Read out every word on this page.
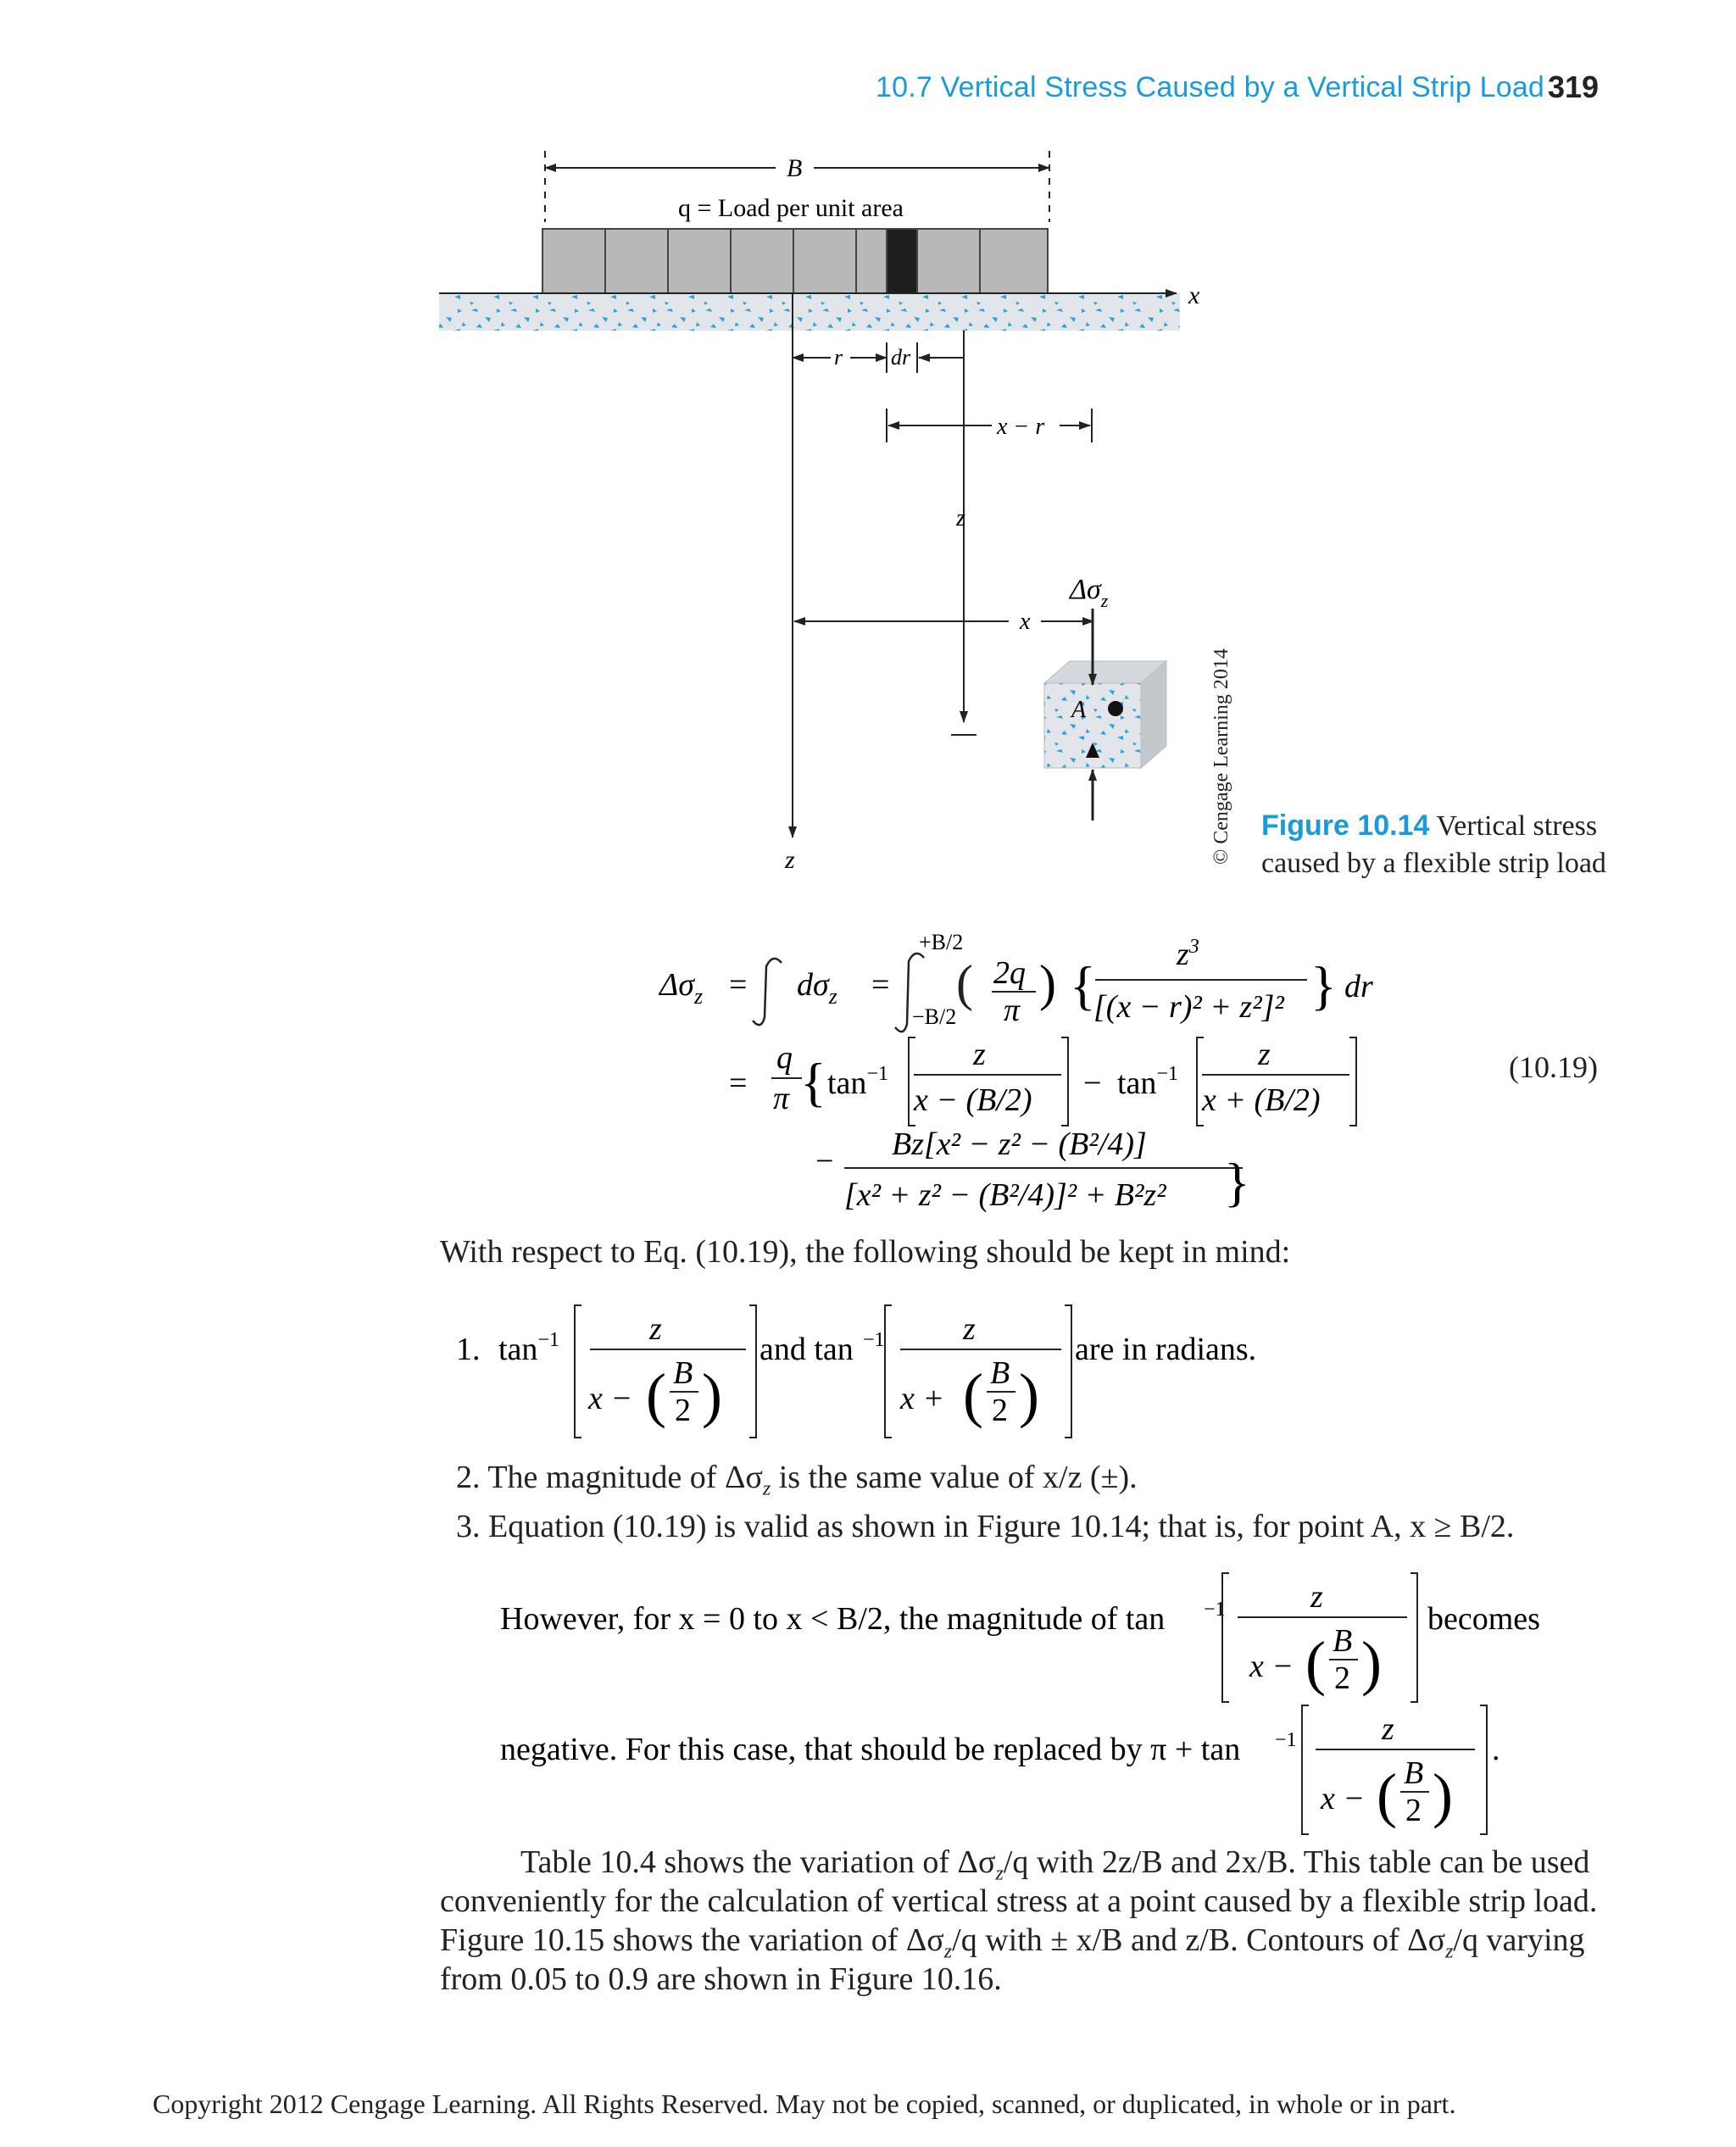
10.7 Vertical Stress Caused by a Vertical Strip Load 319
B
q = Load per unit area
x
z
r dr
z
x − r
x
$\Delta\sigma_z$
A	© Cengage Learning 2014 Figure 10.14 Vertical stress caused by a flexible strip load
$\Delta\sigma_z = d\sigma_z$ =
+B/2
−B/2
( 2q
π ) {
$z^3$
[(x − r)² + z²]² } dr
=
q
π { $\tan^{-1}$
z
$x - (B/2) - \tan^{-1}$
z
x + (B/2)
− Bz[x² − z² − (B²/4)]
[x² + z² − (B²/4)]² + B²z² }
(10.19)
With respect to Eq. (10.19), the following should be kept in mind:
1. $\tan^{-1}$	z
x − ( B
2 )
and tan −1 z
x + ( B
2 )
are in radians.
2. The magnitude of $\Delta\sigma_z$ is the same value of x/z (±).
3. Equation (10.19) is valid as shown in Figure 10.14; that is, for point A, x ≥ B/2.
However, for x = 0 to x < B/2, the magnitude of tan −1	z
x − ( B
2 )
becomes
negative. For this case, that should be replaced by π + tan −1	z
x − ( B
2 )
.
Table 10.4 shows the variation of $\Delta\sigma_z/q$ with 2z/B and 2x/B. This table can be used
conveniently for the calculation of vertical stress at a point caused by a flexible strip load.
Figure 10.15 shows the variation of $\Delta\sigma_z/q$ with ± x/B and z/B. Contours of $\Delta\sigma_z/q$ varying
from 0.05 to 0.9 are shown in Figure 10.16.
Copyright 2012 Cengage Learning. All Rights Reserved. May not be copied, scanned, or duplicated, in whole or in part.
